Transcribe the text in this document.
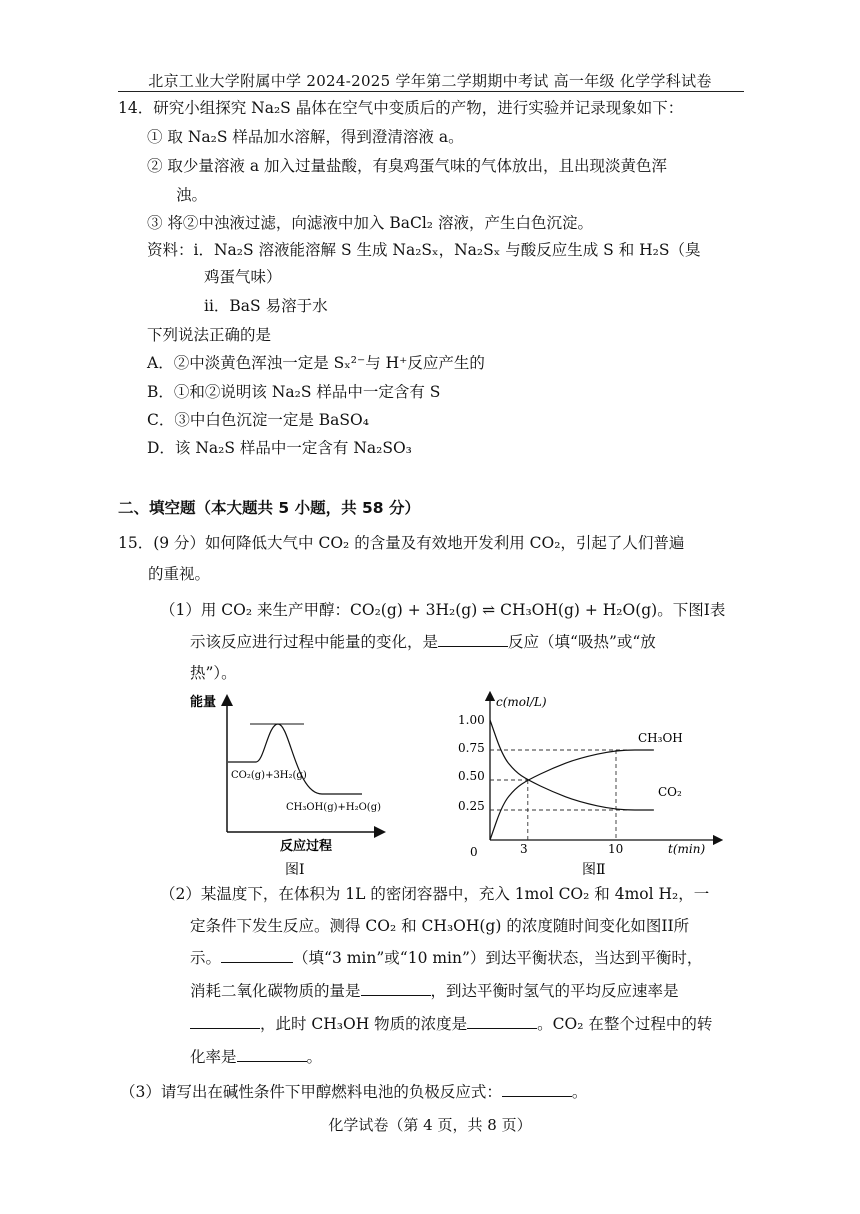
北京工业大学附属中学 2024-2025 学年第二学期期中考试 高一年级 化学学科试卷
14．研究小组探究 Na₂S 晶体在空气中变质后的产物，进行实验并记录现象如下：
① 取 Na₂S 样品加水溶解，得到澄清溶液 a。
② 取少量溶液 a 加入过量盐酸，有臭鸡蛋气味的气体放出，且出现淡黄色浑
浊。
③ 将②中浊液过滤，向滤液中加入 BaCl₂ 溶液，产生白色沉淀。
资料：i．Na₂S 溶液能溶解 S 生成 Na₂Sₓ，Na₂Sₓ 与酸反应生成 S 和 H₂S（臭
鸡蛋气味）
ii．BaS 易溶于水
下列说法正确的是
A．②中淡黄色浑浊一定是 Sₓ²⁻与 H⁺反应产生的
B．①和②说明该 Na₂S 样品中一定含有 S
C．③中白色沉淀一定是 BaSO₄
D．该 Na₂S 样品中一定含有 Na₂SO₃
二、填空题（本大题共 5 小题，共 58 分）
15．(9 分）如何降低大气中 CO₂ 的含量及有效地开发利用 CO₂，引起了人们普遍
的重视。
（1）用 CO₂ 来生产甲醇：CO₂(g) + 3H₂(g) ⇌ CH₃OH(g) + H₂O(g)。下图I表
示该反应进行过程中能量的变化，是	反应（填“吸热”或“放
热”）。
能量
反应过程
CO₂(g)+3H₂(g)
CH₃OH(g)+H₂O(g)
图Ⅰ
c(mol/L)
t(min)
0
1.00
0.75
0.50
0.25
3	10
CH₃OH
CO₂
图Ⅱ
（2）某温度下，在体积为 1L 的密闭容器中，充入 1mol CO₂ 和 4mol H₂，一
定条件下发生反应。测得 CO₂ 和 CH₃OH(g) 的浓度随时间变化如图II所
示。	（填“3 min”或“10 min”）到达平衡状态，当达到平衡时，
消耗二氧化碳物质的量是	，到达平衡时氢气的平均反应速率是
，此时 CH₃OH 物质的浓度是	。CO₂ 在整个过程中的转
化率是	。
（3）请写出在碱性条件下甲醇燃料电池的负极反应式：	。
化学试卷（第 4 页，共 8 页）
